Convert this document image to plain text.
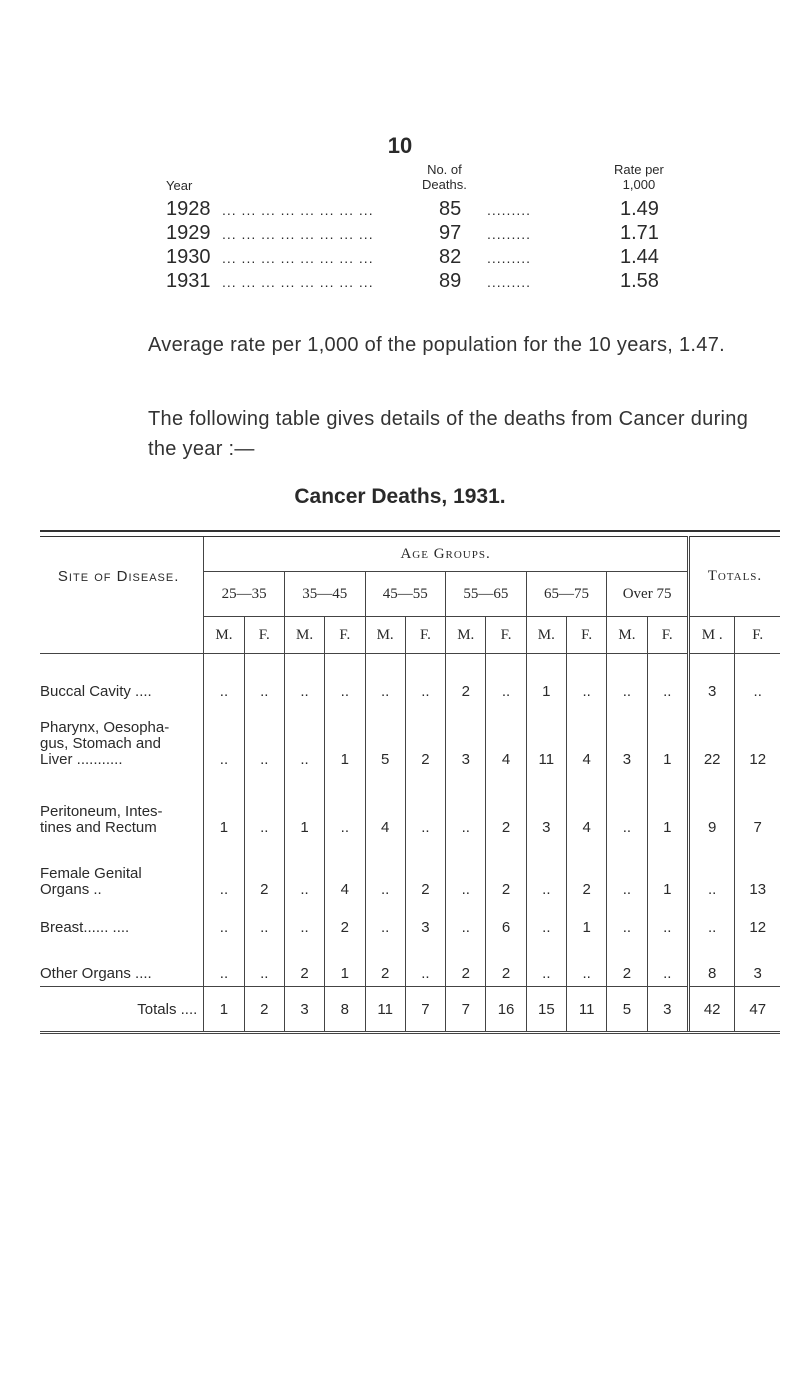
10
Year
No. of
Deaths.
Rate per
1,000
1928 ... ... ... ... ... ... ... ...	85 .........	1.49
1929 ... ... ... ... ... ... ... ...	97 .........	1.71
1930 ... ... ... ... ... ... ... ...	82 .........	1.44
1931 ... ... ... ... ... ... ... ...	89 .........	1.58
Average rate per 1,000 of the population for the 10 years, 1.47.
The following table gives details of the deaths from Cancer during the year :—
Cancer Deaths, 1931.

Site of Disease.	Age Groups.												Totals.	
	25—35		35—45		45—55		55—65		65—75		Over 75			
	M.	F.	M.	F.	M.	F.	M.	F.	M.	F.	M.	F.	M .	F.
Buccal Cavity ....	..	..	..	..	..	..	2	..	1	..	..	..	3	..
Pharynx, Oesopha-
gus, Stomach and
Liver ...........	..	..	..	1	5	2	3	4	11	4	3	1	22	12
Peritoneum, Intes-
tines and Rectum	1	..	1	..	4	..	..	2	3	4	..	1	9	7
Female Genital
Organs ..	..	2	..	4	..	2	..	2	..	2	..	1	..	13
Breast...... ....	..	..	..	2	..	3	..	6	..	1	..	..	..	12
Other Organs ....	..	..	2	1	2	..	2	2	..	..	2	..	8	3
Totals ....	1	2	3	8	11	7	7	16	15	11	5	3	42	47
